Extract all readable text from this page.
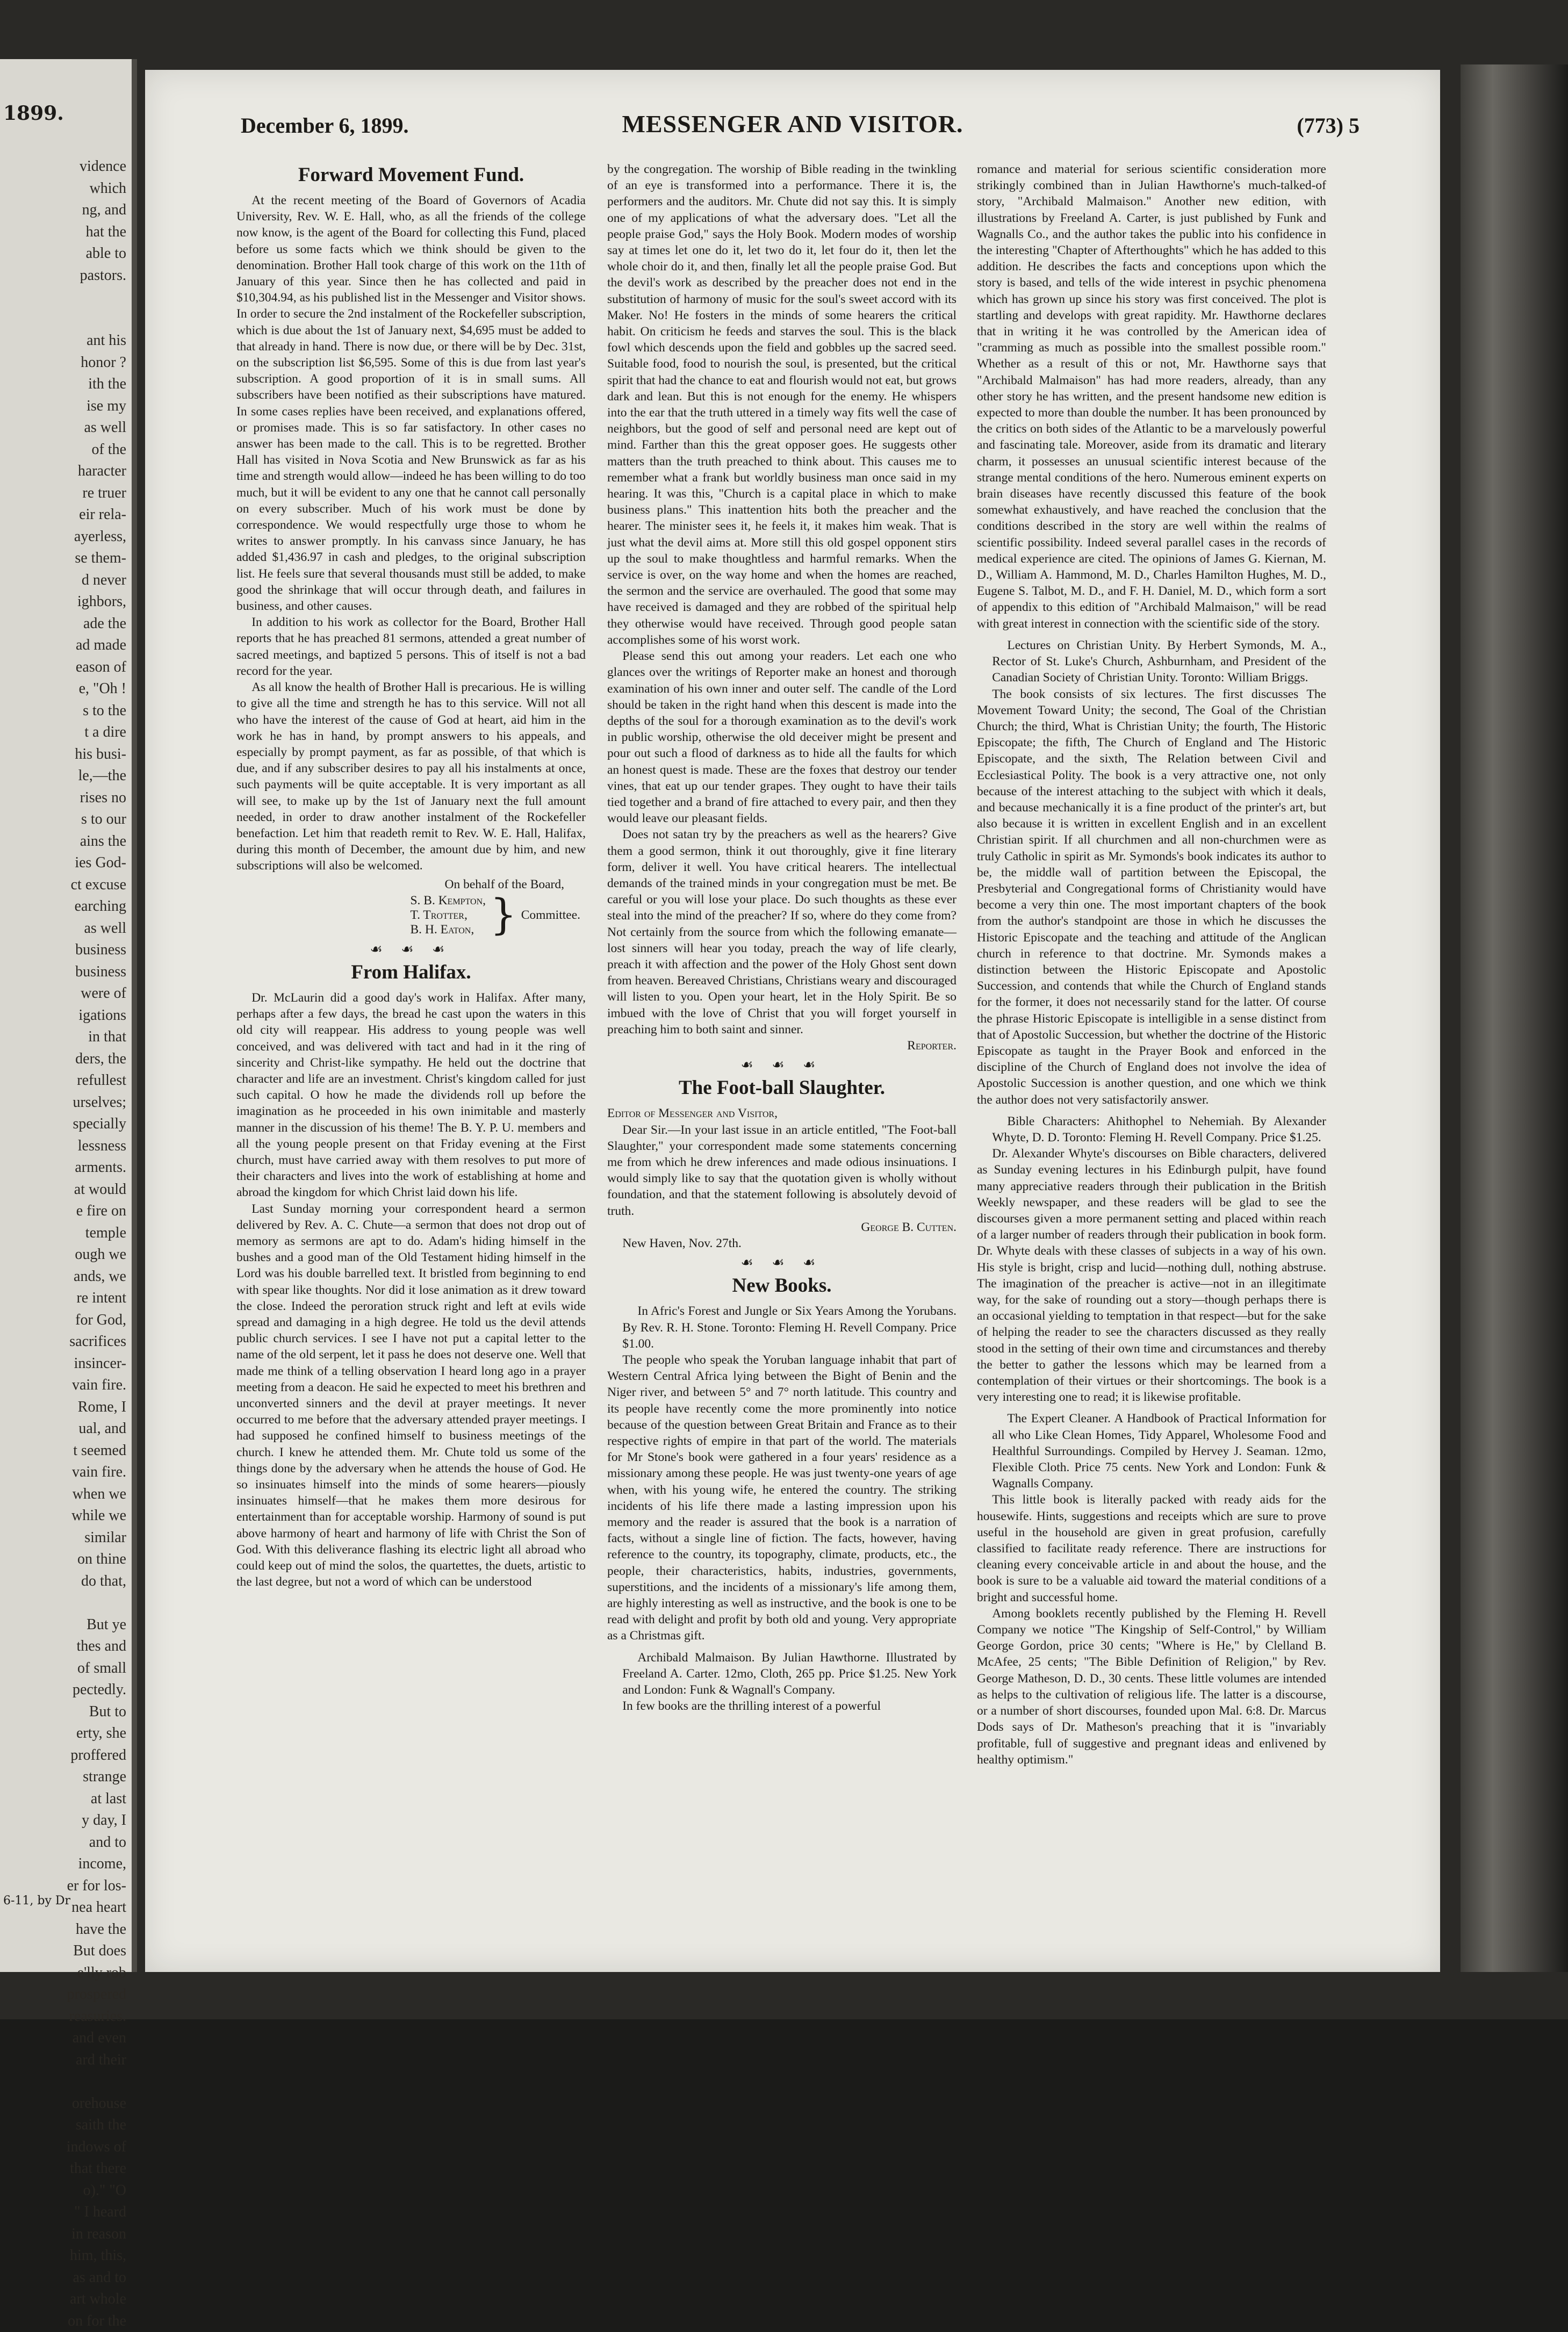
1899.
vidence
which
ng, and
hat the
able to
pastors.
ant his
honor ?
ith the
ise my
as well
of the
haracter
re truer
eir rela-
ayerless,
se them-
d never
ighbors,
ade the
ad made
eason of
e, "Oh !
s to the
t a dire
his busi-
le,—the
rises no
s to our
ains the
ies God-
ct excuse
earching
as well
business
business
were of
igations
in that
ders, the
refullest
urselves;
specially
lessness
arments.
at would
e fire on
temple
ough we
ands, we
re intent
for God,
sacrifices
insincer-
vain fire.
Rome, I
ual, and
t seemed
vain fire.
when we
while we
similar
on thine
do that,
But ye
thes and
of small
pectedly.
But to
erty, she
proffered
strange
at last
y day, I
and to
income,
er for los-
nea heart
have the
But does
e'lly rob
prospered
reasuries.
and even
ard their
orehouse
saith the
indows of
that there
o)." "O
" I heard
in reason
him, this,
as and to
art whole
on for the
6-11, by Dr
December 6, 1899.	MESSENGER AND VISITOR.	(773) 5
Forward Movement Fund.

At the recent meeting of the Board of Governors of Acadia University, Rev. W. E. Hall, who, as all the friends of the college now know, is the agent of the Board for collecting this Fund, placed before us some facts which we think should be given to the denomination. Brother Hall took charge of this work on the 11th of January of this year. Since then he has collected and paid in $10,304.94, as his published list in the Messenger and Visitor shows. In order to secure the 2nd instalment of the Rockefeller subscription, which is due about the 1st of January next, $4,695 must be added to that already in hand. There is now due, or there will be by Dec. 31st, on the subscription list $6,595. Some of this is due from last year's subscription. A good proportion of it is in small sums. All subscribers have been notified as their subscriptions have matured. In some cases replies have been received, and explanations offered, or promises made. This is so far satisfactory. In other cases no answer has been made to the call. This is to be regretted. Brother Hall has visited in Nova Scotia and New Brunswick as far as his time and strength would allow—indeed he has been willing to do too much, but it will be evident to any one that he cannot call personally on every subscriber. Much of his work must be done by correspondence. We would respectfully urge those to whom he writes to answer promptly. In his canvass since January, he has added $1,436.97 in cash and pledges, to the original subscription list. He feels sure that several thousands must still be added, to make good the shrinkage that will occur through death, and failures in business, and other causes.

In addition to his work as collector for the Board, Brother Hall reports that he has preached 81 sermons, attended a great number of sacred meetings, and baptized 5 persons. This of itself is not a bad record for the year.

As all know the health of Brother Hall is precarious. He is willing to give all the time and strength he has to this service. Will not all who have the interest of the cause of God at heart, aid him in the work he has in hand, by prompt answers to his appeals, and especially by prompt payment, as far as possible, of that which is due, and if any subscriber desires to pay all his instalments at once, such payments will be quite acceptable. It is very important as all will see, to make up by the 1st of January next the full amount needed, in order to draw another instalment of the Rockefeller benefaction. Let him that readeth remit to Rev. W. E. Hall, Halifax, during this month of December, the amount due by him, and new subscriptions will also be welcomed.

On behalf of the Board,
S. B. Kempton,
T. Trotter,
B. H. Eaton, } Committee.
☙ ☙ ☙
From Halifax.

Dr. McLaurin did a good day's work in Halifax. After many, perhaps after a few days, the bread he cast upon the waters in this old city will reappear. His address to young people was well conceived, and was delivered with tact and had in it the ring of sincerity and Christ-like sympathy. He held out the doctrine that character and life are an investment. Christ's kingdom called for just such capital. O how he made the dividends roll up before the imagination as he proceeded in his own inimitable and masterly manner in the discussion of his theme! The B. Y. P. U. members and all the young people present on that Friday evening at the First church, must have carried away with them resolves to put more of their characters and lives into the work of establishing at home and abroad the kingdom for which Christ laid down his life.

Last Sunday morning your correspondent heard a sermon delivered by Rev. A. C. Chute—a sermon that does not drop out of memory as sermons are apt to do. Adam's hiding himself in the bushes and a good man of the Old Testament hiding himself in the Lord was his double barrelled text. It bristled from beginning to end with spear like thoughts. Nor did it lose animation as it drew toward the close. Indeed the peroration struck right and left at evils wide spread and damaging in a high degree. He told us the devil attends public church services. I see I have not put a capital letter to the name of the old serpent, let it pass he does not deserve one. Well that made me think of a telling observation I heard long ago in a prayer meeting from a deacon. He said he expected to meet his brethren and unconverted sinners and the devil at prayer meetings. It never occurred to me before that the adversary attended prayer meetings. I had supposed he confined himself to business meetings of the church. I knew he attended them. Mr. Chute told us some of the things done by the adversary when he attends the house of God. He so insinuates himself into the minds of some hearers—piously insinuates himself—that he makes them more desirous for entertainment than for acceptable worship. Harmony of sound is put above harmony of heart and harmony of life with Christ the Son of God. With this deliverance flashing its electric light all abroad who could keep out of mind the solos, the quartettes, the duets, artistic to the last degree, but not a word of which can be understood

by the congregation. The worship of Bible reading in the twinkling of an eye is transformed into a performance. There it is, the performers and the auditors. Mr. Chute did not say this. It is simply one of my applications of what the adversary does. "Let all the people praise God," says the Holy Book. Modern modes of worship say at times let one do it, let two do it, let four do it, then let the whole choir do it, and then, finally let all the people praise God. But the devil's work as described by the preacher does not end in the substitution of harmony of music for the soul's sweet accord with its Maker. No! He fosters in the minds of some hearers the critical habit. On criticism he feeds and starves the soul. This is the black fowl which descends upon the field and gobbles up the sacred seed. Suitable food, food to nourish the soul, is presented, but the critical spirit that had the chance to eat and flourish would not eat, but grows dark and lean. But this is not enough for the enemy. He whispers into the ear that the truth uttered in a timely way fits well the case of neighbors, but the good of self and personal need are kept out of mind. Farther than this the great opposer goes. He suggests other matters than the truth preached to think about. This causes me to remember what a frank but worldly business man once said in my hearing. It was this, "Church is a capital place in which to make business plans." This inattention hits both the preacher and the hearer. The minister sees it, he feels it, it makes him weak. That is just what the devil aims at. More still this old gospel opponent stirs up the soul to make thoughtless and harmful remarks. When the service is over, on the way home and when the homes are reached, the sermon and the service are overhauled. The good that some may have received is damaged and they are robbed of the spiritual help they otherwise would have received. Through good people satan accomplishes some of his worst work.

Please send this out among your readers. Let each one who glances over the writings of Reporter make an honest and thorough examination of his own inner and outer self. The candle of the Lord should be taken in the right hand when this descent is made into the depths of the soul for a thorough examination as to the devil's work in public worship, otherwise the old deceiver might be present and pour out such a flood of darkness as to hide all the faults for which an honest quest is made. These are the foxes that destroy our tender vines, that eat up our tender grapes. They ought to have their tails tied together and a brand of fire attached to every pair, and then they would leave our pleasant fields.

Does not satan try by the preachers as well as the hearers? Give them a good sermon, think it out thoroughly, give it fine literary form, deliver it well. You have critical hearers. The intellectual demands of the trained minds in your congregation must be met. Be careful or you will lose your place. Do such thoughts as these ever steal into the mind of the preacher? If so, where do they come from? Not certainly from the source from which the following emanate—lost sinners will hear you today, preach the way of life clearly, preach it with affection and the power of the Holy Ghost sent down from heaven. Bereaved Christians, Christians weary and discouraged will listen to you. Open your heart, let in the Holy Spirit. Be so imbued with the love of Christ that you will forget yourself in preaching him to both saint and sinner.

Reporter.
☙ ☙ ☙
The Foot-ball Slaughter.
Editor of Messenger and Visitor,

Dear Sir.—In your last issue in an article entitled, "The Foot-ball Slaughter," your correspondent made some statements concerning me from which he drew inferences and made odious insinuations. I would simply like to say that the quotation given is wholly without foundation, and that the statement following is absolutely devoid of truth.

George B. Cutten.

New Haven, Nov. 27th.

☙ ☙ ☙
New Books.

In Afric's Forest and Jungle or Six Years Among the Yorubans. By Rev. R. H. Stone. Toronto: Fleming H. Revell Company. Price $1.00.

The people who speak the Yoruban language inhabit that part of Western Central Africa lying between the Bight of Benin and the Niger river, and between 5° and 7° north latitude. This country and its people have recently come the more prominently into notice because of the question between Great Britain and France as to their respective rights of empire in that part of the world. The materials for Mr Stone's book were gathered in a four years' residence as a missionary among these people. He was just twenty-one years of age when, with his young wife, he entered the country. The striking incidents of his life there made a lasting impression upon his memory and the reader is assured that the book is a narration of facts, without a single line of fiction. The facts, however, having reference to the country, its topography, climate, products, etc., the people, their characteristics, habits, industries, governments, superstitions, and the incidents of a missionary's life among them, are highly interesting as well as instructive, and the book is one to be read with delight and profit by both old and young. Very appropriate as a Christmas gift.

Archibald Malmaison. By Julian Hawthorne. Illustrated by Freeland A. Carter. 12mo, Cloth, 265 pp. Price $1.25. New York and London: Funk & Wagnall's Company.

In few books are the thrilling interest of a powerful

romance and material for serious scientific consideration more strikingly combined than in Julian Hawthorne's much-talked-of story, "Archibald Malmaison." Another new edition, with illustrations by Freeland A. Carter, is just published by Funk and Wagnalls Co., and the author takes the public into his confidence in the interesting "Chapter of Afterthoughts" which he has added to this addition. He describes the facts and conceptions upon which the story is based, and tells of the wide interest in psychic phenomena which has grown up since his story was first conceived. The plot is startling and develops with great rapidity. Mr. Hawthorne declares that in writing it he was controlled by the American idea of "cramming as much as possible into the smallest possible room." Whether as a result of this or not, Mr. Hawthorne says that "Archibald Malmaison" has had more readers, already, than any other story he has written, and the present handsome new edition is expected to more than double the number. It has been pronounced by the critics on both sides of the Atlantic to be a marvelously powerful and fascinating tale. Moreover, aside from its dramatic and literary charm, it possesses an unusual scientific interest because of the strange mental conditions of the hero. Numerous eminent experts on brain diseases have recently discussed this feature of the book somewhat exhaustively, and have reached the conclusion that the conditions described in the story are well within the realms of scientific possibility. Indeed several parallel cases in the records of medical experience are cited. The opinions of James G. Kiernan, M. D., William A. Hammond, M. D., Charles Hamilton Hughes, M. D., Eugene S. Talbot, M. D., and F. H. Daniel, M. D., which form a sort of appendix to this edition of "Archibald Malmaison," will be read with great interest in connection with the scientific side of the story.

Lectures on Christian Unity. By Herbert Symonds, M. A., Rector of St. Luke's Church, Ashburnham, and President of the Canadian Society of Christian Unity. Toronto: William Briggs.

The book consists of six lectures. The first discusses The Movement Toward Unity; the second, The Goal of the Christian Church; the third, What is Christian Unity; the fourth, The Historic Episcopate; the fifth, The Church of England and The Historic Episcopate, and the sixth, The Relation between Civil and Ecclesiastical Polity. The book is a very attractive one, not only because of the interest attaching to the subject with which it deals, and because mechanically it is a fine product of the printer's art, but also because it is written in excellent English and in an excellent Christian spirit. If all churchmen and all non-churchmen were as truly Catholic in spirit as Mr. Symonds's book indicates its author to be, the middle wall of partition between the Episcopal, the Presbyterial and Congregational forms of Christianity would have become a very thin one. The most important chapters of the book from the author's standpoint are those in which he discusses the Historic Episcopate and the teaching and attitude of the Anglican church in reference to that doctrine. Mr. Symonds makes a distinction between the Historic Episcopate and Apostolic Succession, and contends that while the Church of England stands for the former, it does not necessarily stand for the latter. Of course the phrase Historic Episcopate is intelligible in a sense distinct from that of Apostolic Succession, but whether the doctrine of the Historic Episcopate as taught in the Prayer Book and enforced in the discipline of the Church of England does not involve the idea of Apostolic Succession is another question, and one which we think the author does not very satisfactorily answer.

Bible Characters: Ahithophel to Nehemiah. By Alexander Whyte, D. D. Toronto: Fleming H. Revell Company. Price $1.25.

Dr. Alexander Whyte's discourses on Bible characters, delivered as Sunday evening lectures in his Edinburgh pulpit, have found many appreciative readers through their publication in the British Weekly newspaper, and these readers will be glad to see the discourses given a more permanent setting and placed within reach of a larger number of readers through their publication in book form. Dr. Whyte deals with these classes of subjects in a way of his own. His style is bright, crisp and lucid—nothing dull, nothing abstruse. The imagination of the preacher is active—not in an illegitimate way, for the sake of rounding out a story—though perhaps there is an occasional yielding to temptation in that respect—but for the sake of helping the reader to see the characters discussed as they really stood in the setting of their own time and circumstances and thereby the better to gather the lessons which may be learned from a contemplation of their virtues or their shortcomings. The book is a very interesting one to read; it is likewise profitable.

The Expert Cleaner. A Handbook of Practical Information for all who Like Clean Homes, Tidy Apparel, Wholesome Food and Healthful Surroundings. Compiled by Hervey J. Seaman. 12mo, Flexible Cloth. Price 75 cents. New York and London: Funk & Wagnalls Company.

This little book is literally packed with ready aids for the housewife. Hints, suggestions and receipts which are sure to prove useful in the household are given in great profusion, carefully classified to facilitate ready reference. There are instructions for cleaning every conceivable article in and about the house, and the book is sure to be a valuable aid toward the material conditions of a bright and successful home.

Among booklets recently published by the Fleming H. Revell Company we notice "The Kingship of Self-Control," by William George Gordon, price 30 cents; "Where is He," by Clelland B. McAfee, 25 cents; "The Bible Definition of Religion," by Rev. George Matheson, D. D., 30 cents. These little volumes are intended as helps to the cultivation of religious life. The latter is a discourse, or a number of short discourses, founded upon Mal. 6:8. Dr. Marcus Dods says of Dr. Matheson's preaching that it is "invariably profitable, full of suggestive and pregnant ideas and enlivened by healthy optimism."
